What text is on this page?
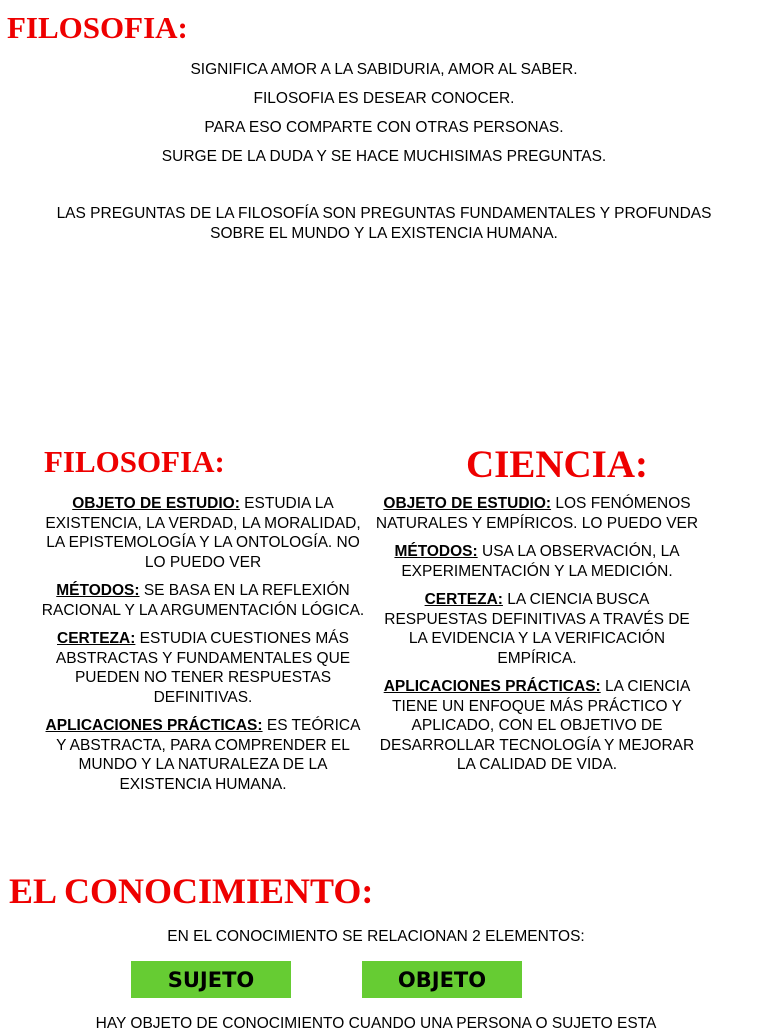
FILOSOFIA:

SIGNIFICA AMOR A LA SABIDURIA, AMOR AL SABER.

FILOSOFIA ES DESEAR CONOCER.

PARA ESO COMPARTE CON OTRAS PERSONAS.

SURGE DE LA DUDA Y SE HACE MUCHISIMAS PREGUNTAS.

LAS PREGUNTAS DE LA FILOSOFÍA SON PREGUNTAS FUNDAMENTALES Y PROFUNDAS SOBRE EL MUNDO Y LA EXISTENCIA HUMANA.

FILOSOFIA:	CIENCIA:
OBJETO DE ESTUDIO: ESTUDIA LA EXISTENCIA, LA VERDAD, LA MORALIDAD, LA EPISTEMOLOGÍA Y LA ONTOLOGÍA. NO LO PUEDO VER
MÉTODOS: SE BASA EN LA REFLEXIÓN RACIONAL Y LA ARGUMENTACIÓN LÓGICA.
CERTEZA: ESTUDIA CUESTIONES MÁS ABSTRACTAS Y FUNDAMENTALES QUE PUEDEN NO TENER RESPUESTAS DEFINITIVAS.
APLICACIONES PRÁCTICAS: ES TEÓRICA Y ABSTRACTA, PARA COMPRENDER EL MUNDO Y LA NATURALEZA DE LA EXISTENCIA HUMANA.
OBJETO DE ESTUDIO: LOS FENÓMENOS NATURALES Y EMPÍRICOS. LO PUEDO VER
MÉTODOS: USA LA OBSERVACIÓN, LA EXPERIMENTACIÓN Y LA MEDICIÓN.
CERTEZA: LA CIENCIA BUSCA RESPUESTAS DEFINITIVAS A TRAVÉS DE LA EVIDENCIA Y LA VERIFICACIÓN EMPÍRICA.
APLICACIONES PRÁCTICAS: LA CIENCIA TIENE UN ENFOQUE MÁS PRÁCTICO Y APLICADO, CON EL OBJETIVO DE DESARROLLAR TECNOLOGÍA Y MEJORAR LA CALIDAD DE VIDA.
EL CONOCIMIENTO:
EN EL CONOCIMIENTO SE RELACIONAN 2 ELEMENTOS:
SUJETO	OBJETO
HAY OBJETO DE CONOCIMIENTO CUANDO UNA PERSONA O SUJETO ESTA
